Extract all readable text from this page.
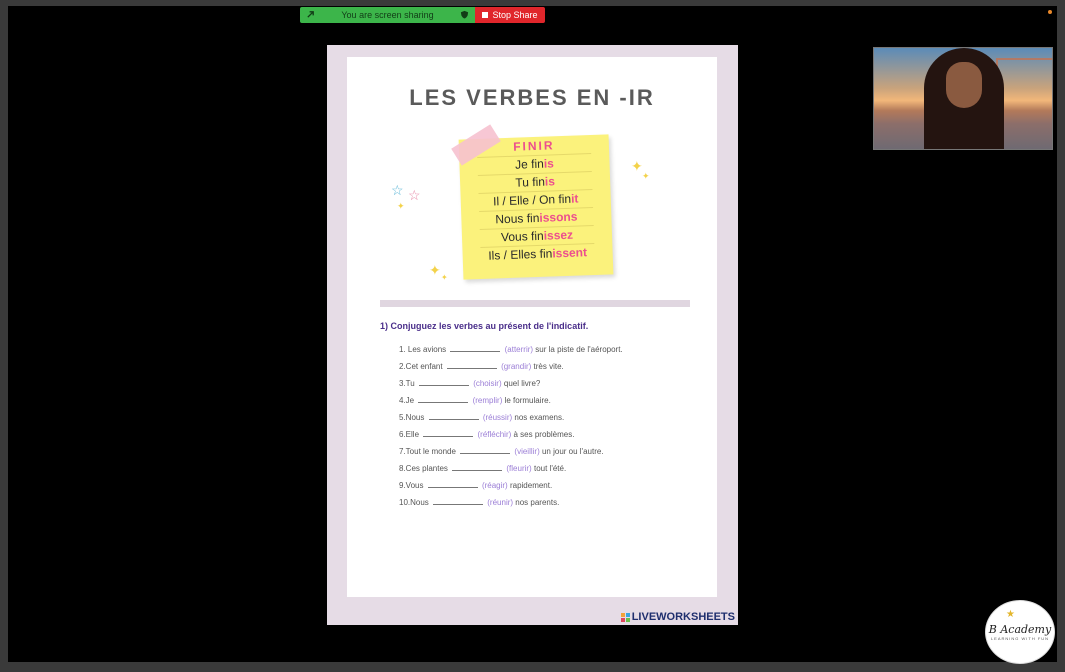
You are screen sharing	Stop Share
LES VERBES EN -IR
☆ ☆
✦
✦
✦
✦ ✦
FINIR
Je finis
Tu finis
Il / Elle / On finit
Nous finissons
Vous finissez
Ils / Elles finissent
1) Conjuguez les verbes au présent de l'indicatif.
1. Les avions	(atterrir) sur la piste de l'aéroport.
2.Cet enfant	(grandir) très vite.
3.Tu	(choisir) quel livre?
4.Je	(remplir) le formulaire.
5.Nous	(réussir) nos examens.
6.Elle	(réfléchir) à ses problèmes.
7.Tout le monde	(vieillir) un jour ou l'autre.
8.Ces plantes	(fleurir) tout l'été.
9.Vous	(réagir) rapidement.
10.Nous	(réunir) nos parents.
LIVEWORKSHEETS	★
B Academy
LEARNING WITH FUN
